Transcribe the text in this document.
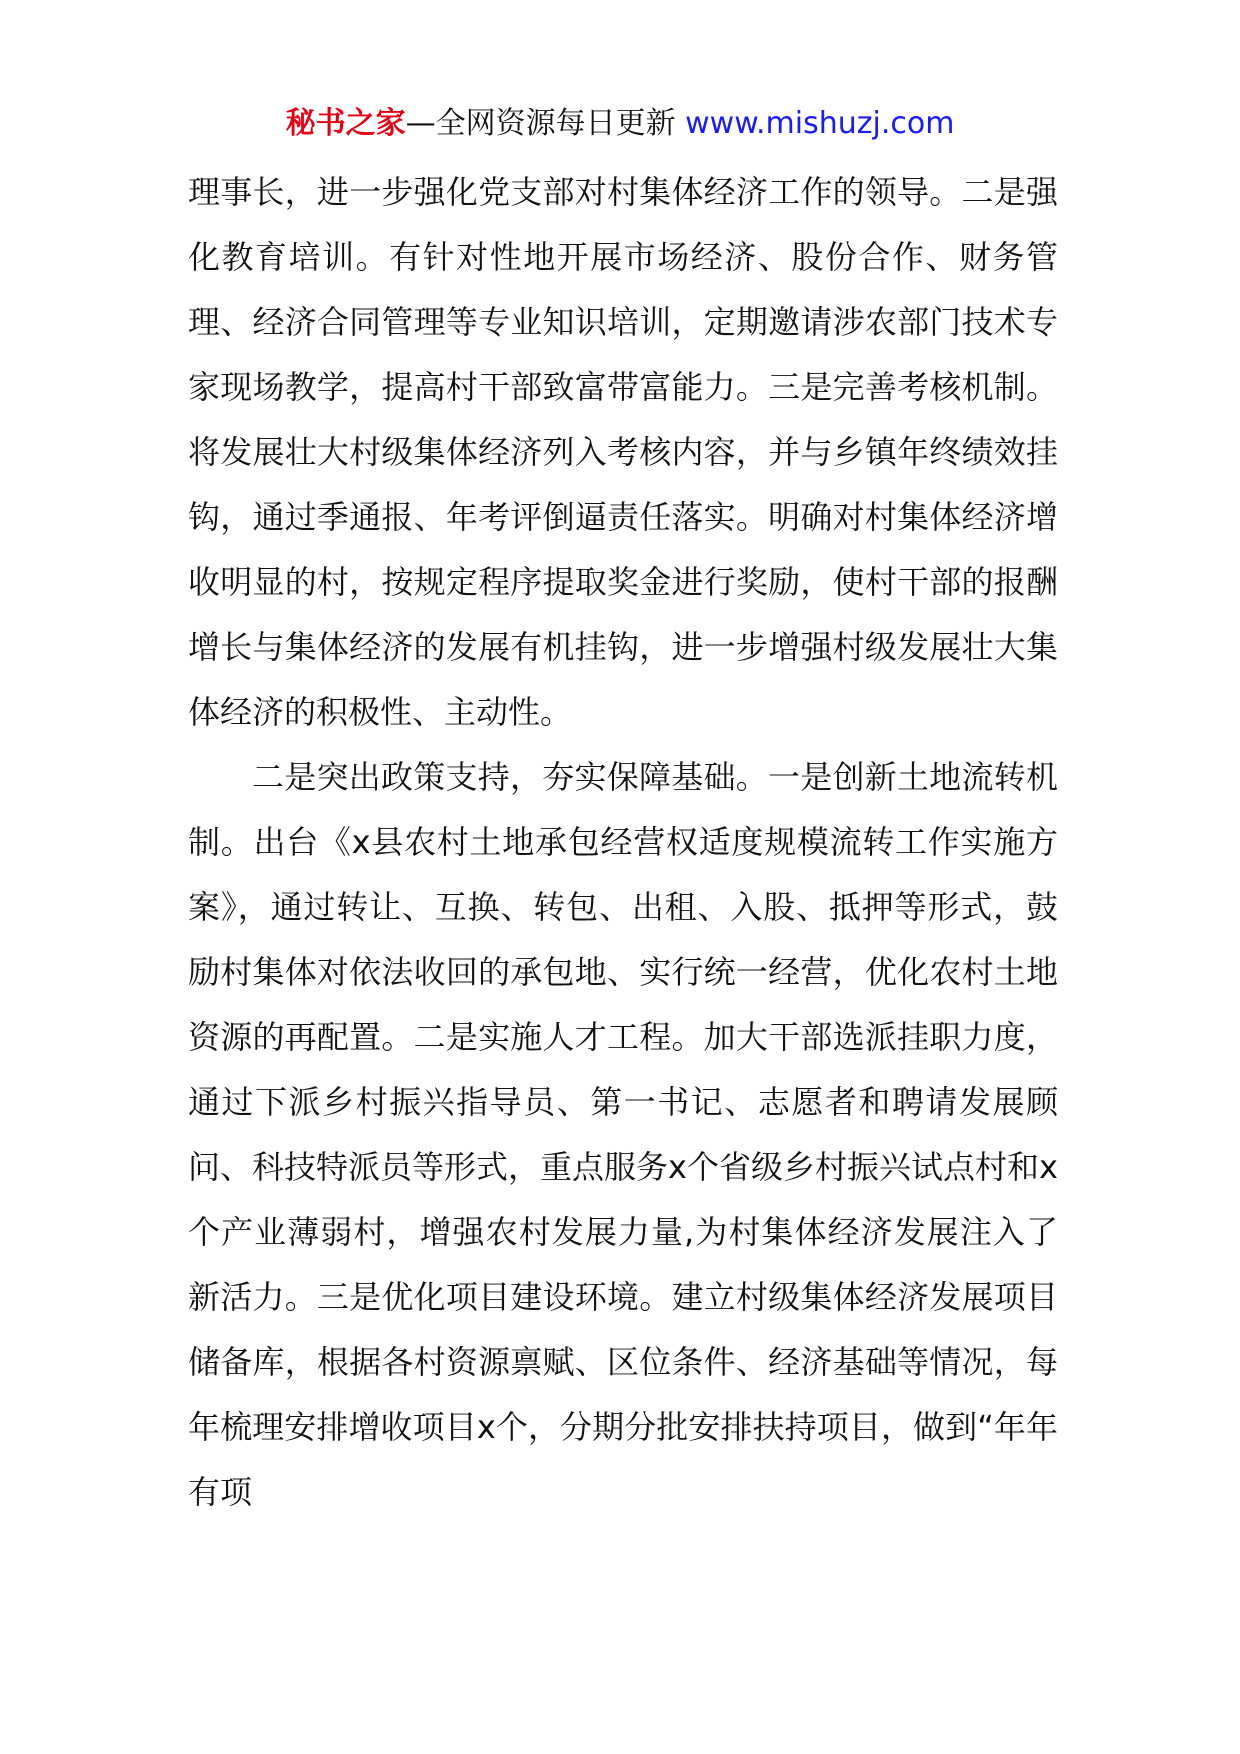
秘书之家—全网资源每日更新 www.mishuzj.com

理事长，进一步强化党支部对村集体经济工作的领导。二是强化教育培训。有针对性地开展市场经济、股份合作、财务管理、经济合同管理等专业知识培训，定期邀请涉农部门技术专家现场教学，提高村干部致富带富能力。三是完善考核机制。将发展壮大村级集体经济列入考核内容，并与乡镇年终绩效挂钩，通过季通报、年考评倒逼责任落实。明确对村集体经济增收明显的村，按规定程序提取奖金进行奖励，使村干部的报酬增长与集体经济的发展有机挂钩，进一步增强村级发展壮大集体经济的积极性、主动性。

二是突出政策支持，夯实保障基础。一是创新土地流转机制。出台《x县农村土地承包经营权适度规模流转工作实施方案》，通过转让、互换、转包、出租、入股、抵押等形式，鼓励村集体对依法收回的承包地、实行统一经营，优化农村土地资源的再配置。二是实施人才工程。加大干部选派挂职力度，通过下派乡村振兴指导员、第一书记、志愿者和聘请发展顾问、科技特派员等形式，重点服务x个省级乡村振兴试点村和x个产业薄弱村，增强农村发展力量,为村集体经济发展注入了新活力。三是优化项目建设环境。建立村级集体经济发展项目储备库，根据各村资源禀赋、区位条件、经济基础等情况，每年梳理安排增收项目x个，分期分批安排扶持项目，做到“年年有项
